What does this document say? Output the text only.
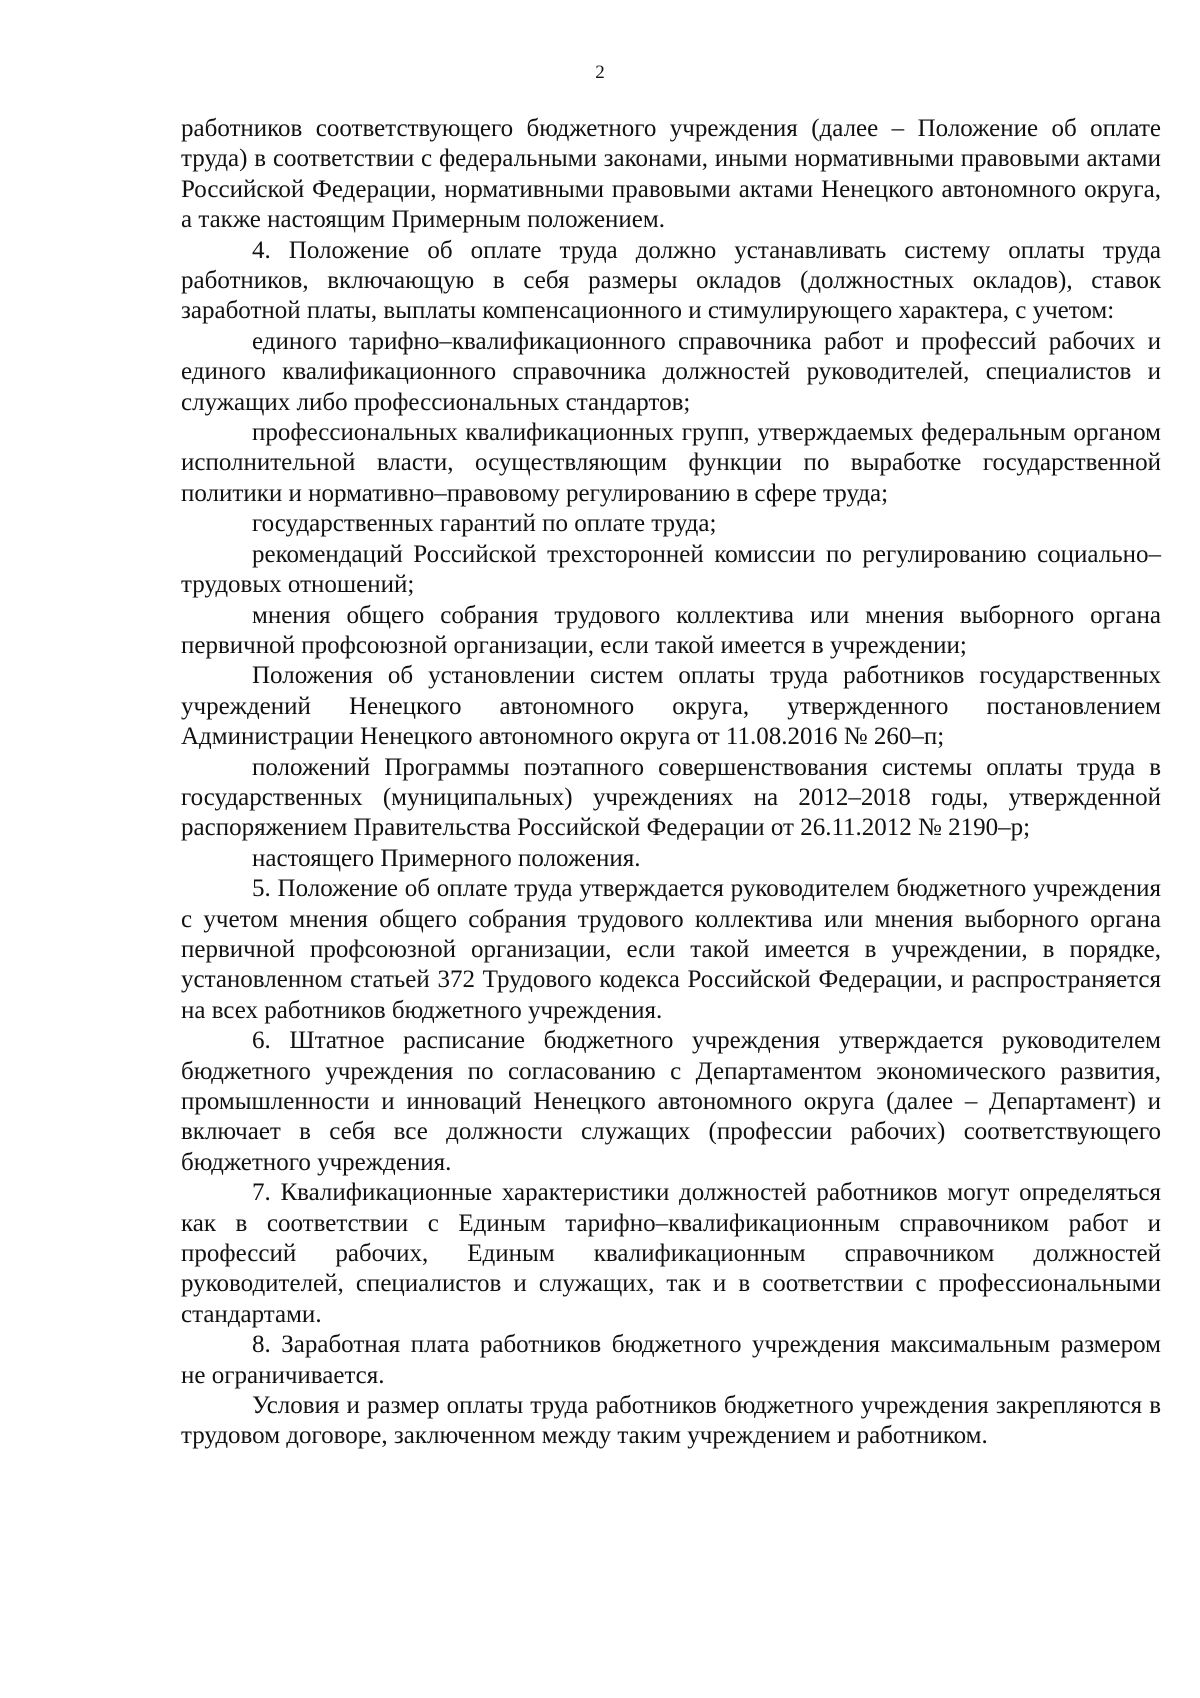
2

работников соответствующего бюджетного учреждения (далее – Положение об оплате труда) в соответствии с федеральными законами, иными нормативными правовыми актами Российской Федерации, нормативными правовыми актами Ненецкого автономного округа, а также настоящим Примерным положением.

4. Положение об оплате труда должно устанавливать систему оплаты труда работников, включающую в себя размеры окладов (должностных окладов), ставок заработной платы, выплаты компенсационного и стимулирующего характера, с учетом:

единого тарифно–квалификационного справочника работ и профессий рабочих и единого квалификационного справочника должностей руководителей, специалистов и служащих либо профессиональных стандартов;

профессиональных квалификационных групп, утверждаемых федеральным органом исполнительной власти, осуществляющим функции по выработке государственной политики и нормативно–правовому регулированию в сфере труда;

государственных гарантий по оплате труда;

рекомендаций Российской трехсторонней комиссии по регулированию социально–трудовых отношений;

мнения общего собрания трудового коллектива или мнения выборного органа первичной профсоюзной организации, если такой имеется в учреждении;

Положения об установлении систем оплаты труда работников государственных учреждений Ненецкого автономного округа, утвержденного постановлением Администрации Ненецкого автономного округа от 11.08.2016 № 260–п;

положений Программы поэтапного совершенствования системы оплаты труда в государственных (муниципальных) учреждениях на 2012–2018 годы, утвержденной распоряжением Правительства Российской Федерации от 26.11.2012 № 2190–р;

настоящего Примерного положения.

5. Положение об оплате труда утверждается руководителем бюджетного учреждения с учетом мнения общего собрания трудового коллектива или мнения выборного органа первичной профсоюзной организации, если такой имеется в учреждении, в порядке, установленном статьей 372 Трудового кодекса Российской Федерации, и распространяется на всех работников бюджетного учреждения.

6. Штатное расписание бюджетного учреждения утверждается руководителем бюджетного учреждения по согласованию с Департаментом экономического развития, промышленности и инноваций Ненецкого автономного округа (далее – Департамент) и включает в себя все должности служащих (профессии рабочих) соответствующего бюджетного учреждения.

7. Квалификационные характеристики должностей работников могут определяться как в соответствии с Единым тарифно–квалификационным справочником работ и профессий рабочих, Единым квалификационным справочником должностей руководителей, специалистов и служащих, так и в соответствии с профессиональными стандартами.

8. Заработная плата работников бюджетного учреждения максимальным размером не ограничивается.

Условия и размер оплаты труда работников бюджетного учреждения закрепляются в трудовом договоре, заключенном между таким учреждением и работником.
